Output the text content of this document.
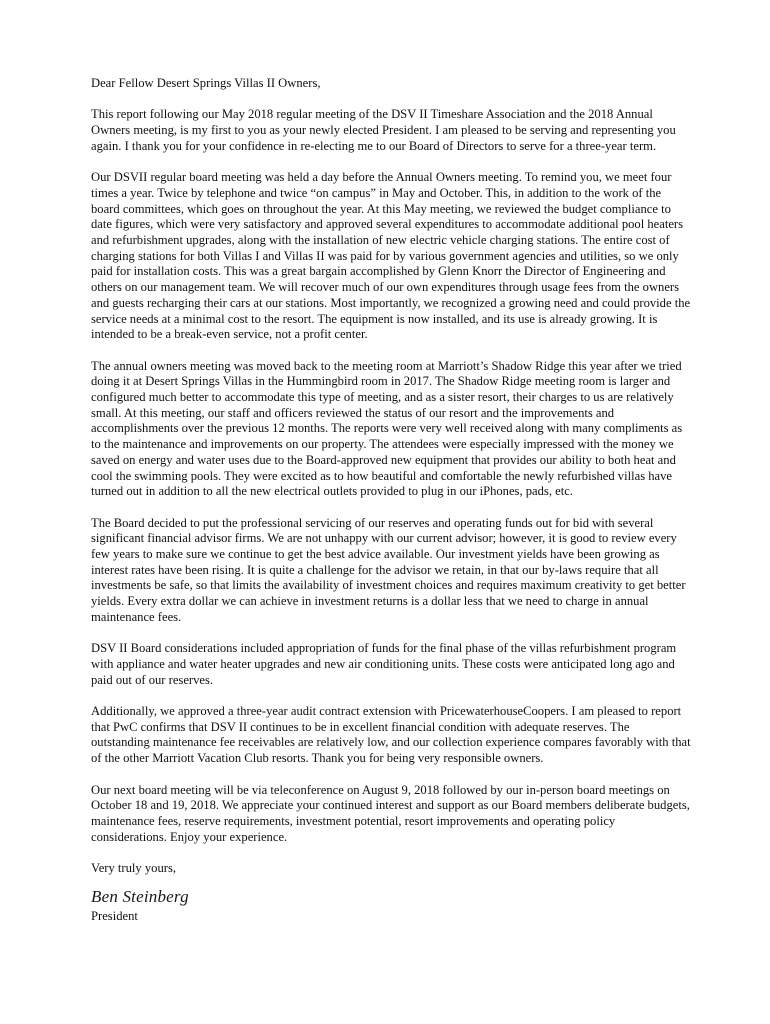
Dear Fellow Desert Springs Villas II Owners,

This report following our May 2018 regular meeting of the DSV II Timeshare Association and the 2018 Annual Owners meeting, is my first to you as your newly elected President. I am pleased to be serving and representing you again. I thank you for your confidence in re-electing me to our Board of Directors to serve for a three-year term.

Our DSVII regular board meeting was held a day before the Annual Owners meeting. To remind you, we meet four times a year. Twice by telephone and twice “on campus” in May and October. This, in addition to the work of the board committees, which goes on throughout the year. At this May meeting, we reviewed the budget compliance to date figures, which were very satisfactory and approved several expenditures to accommodate additional pool heaters and refurbishment upgrades, along with the installation of new electric vehicle charging stations. The entire cost of charging stations for both Villas I and Villas II was paid for by various government agencies and utilities, so we only paid for installation costs. This was a great bargain accomplished by Glenn Knorr the Director of Engineering and others on our management team. We will recover much of our own expenditures through usage fees from the owners and guests recharging their cars at our stations. Most importantly, we recognized a growing need and could provide the service needs at a minimal cost to the resort. The equipment is now installed, and its use is already growing. It is intended to be a break-even service, not a profit center.

The annual owners meeting was moved back to the meeting room at Marriott’s Shadow Ridge this year after we tried doing it at Desert Springs Villas in the Hummingbird room in 2017. The Shadow Ridge meeting room is larger and configured much better to accommodate this type of meeting, and as a sister resort, their charges to us are relatively small. At this meeting, our staff and officers reviewed the status of our resort and the improvements and accomplishments over the previous 12 months. The reports were very well received along with many compliments as to the maintenance and improvements on our property. The attendees were especially impressed with the money we saved on energy and water uses due to the Board-approved new equipment that provides our ability to both heat and cool the swimming pools. They were excited as to how beautiful and comfortable the newly refurbished villas have turned out in addition to all the new electrical outlets provided to plug in our iPhones, pads, etc.

The Board decided to put the professional servicing of our reserves and operating funds out for bid with several significant financial advisor firms. We are not unhappy with our current advisor; however, it is good to review every few years to make sure we continue to get the best advice available. Our investment yields have been growing as interest rates have been rising. It is quite a challenge for the advisor we retain, in that our by-laws require that all investments be safe, so that limits the availability of investment choices and requires maximum creativity to get better yields. Every extra dollar we can achieve in investment returns is a dollar less that we need to charge in annual maintenance fees.

DSV II Board considerations included appropriation of funds for the final phase of the villas refurbishment program with appliance and water heater upgrades and new air conditioning units. These costs were anticipated long ago and paid out of our reserves.

Additionally, we approved a three-year audit contract extension with PricewaterhouseCoopers. I am pleased to report that PwC confirms that DSV II continues to be in excellent financial condition with adequate reserves. The outstanding maintenance fee receivables are relatively low, and our collection experience compares favorably with that of the other Marriott Vacation Club resorts. Thank you for being very responsible owners.

Our next board meeting will be via teleconference on August 9, 2018 followed by our in-person board meetings on October 18 and 19, 2018. We appreciate your continued interest and support as our Board members deliberate budgets, maintenance fees, reserve requirements, investment potential, resort improvements and operating policy considerations. Enjoy your experience.

Very truly yours,

Ben Steinberg

President
